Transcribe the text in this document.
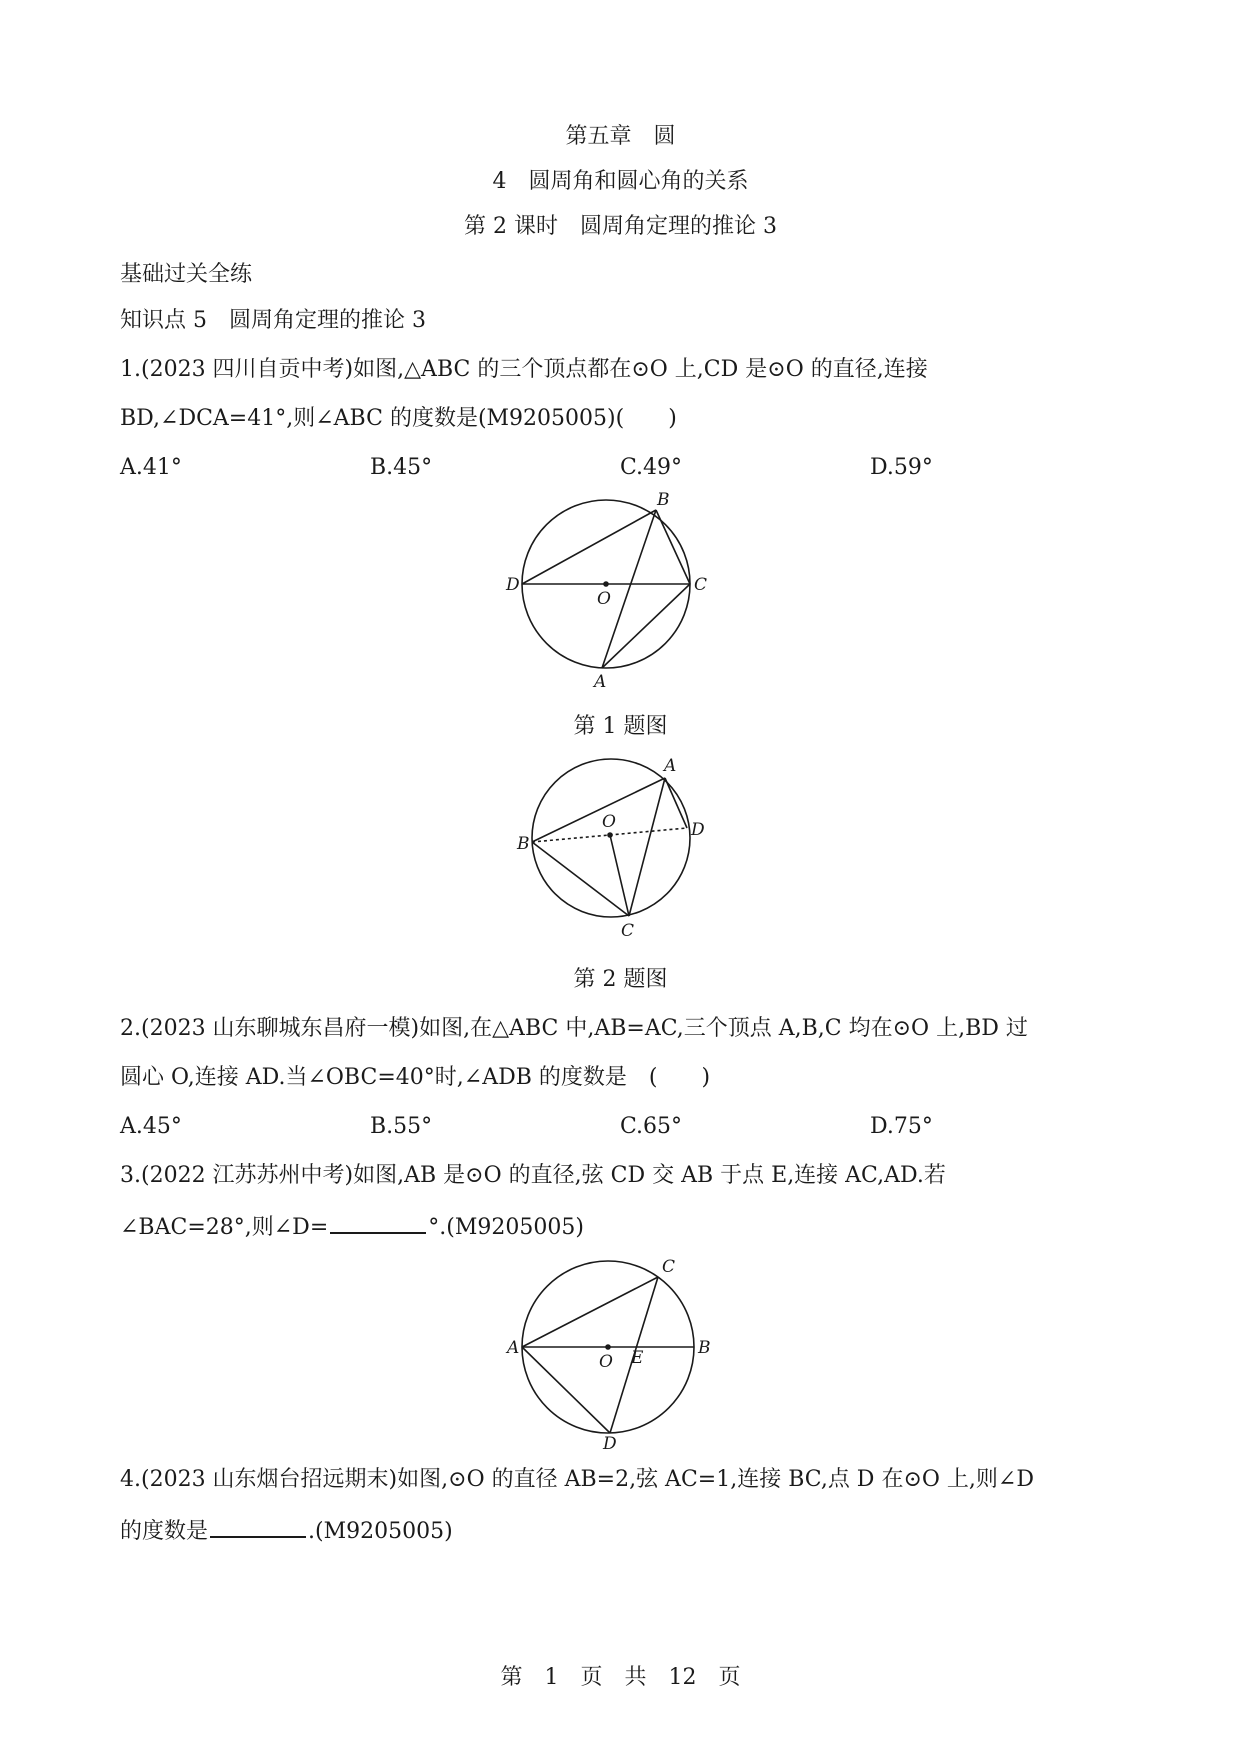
第五章　圆
4　圆周角和圆心角的关系
第 2 课时　圆周角定理的推论 3
基础过关全练
知识点 5　圆周角定理的推论 3
1.(2023 四川自贡中考)如图,△ABC 的三个顶点都在⊙O 上,CD 是⊙O 的直径,连接
BD,∠DCA=41°,则∠ABC 的度数是(M9205005)(　　)
A.41°	B.45°	C.49°	D.59°
B
D	C
O
A
第 1 题图
A
O
B
D
C
第 2 题图
2.(2023 山东聊城东昌府一模)如图,在△ABC 中,AB=AC,三个顶点 A,B,C 均在⊙O 上,BD 过
圆心 O,连接 AD.当∠OBC=40°时,∠ADB 的度数是　(　　)
A.45°	B.55°	C.65°	D.75°
3.(2022 江苏苏州中考)如图,AB 是⊙O 的直径,弦 CD 交 AB 于点 E,连接 AC,AD.若
∠BAC=28°,则∠D=	°.(M9205005)
C
A
O E	B
D
4.(2023 山东烟台招远期末)如图,⊙O 的直径 AB=2,弦 AC=1,连接 BC,点 D 在⊙O 上,则∠D
的度数是	.(M9205005)
第　1　页　共　12　页
